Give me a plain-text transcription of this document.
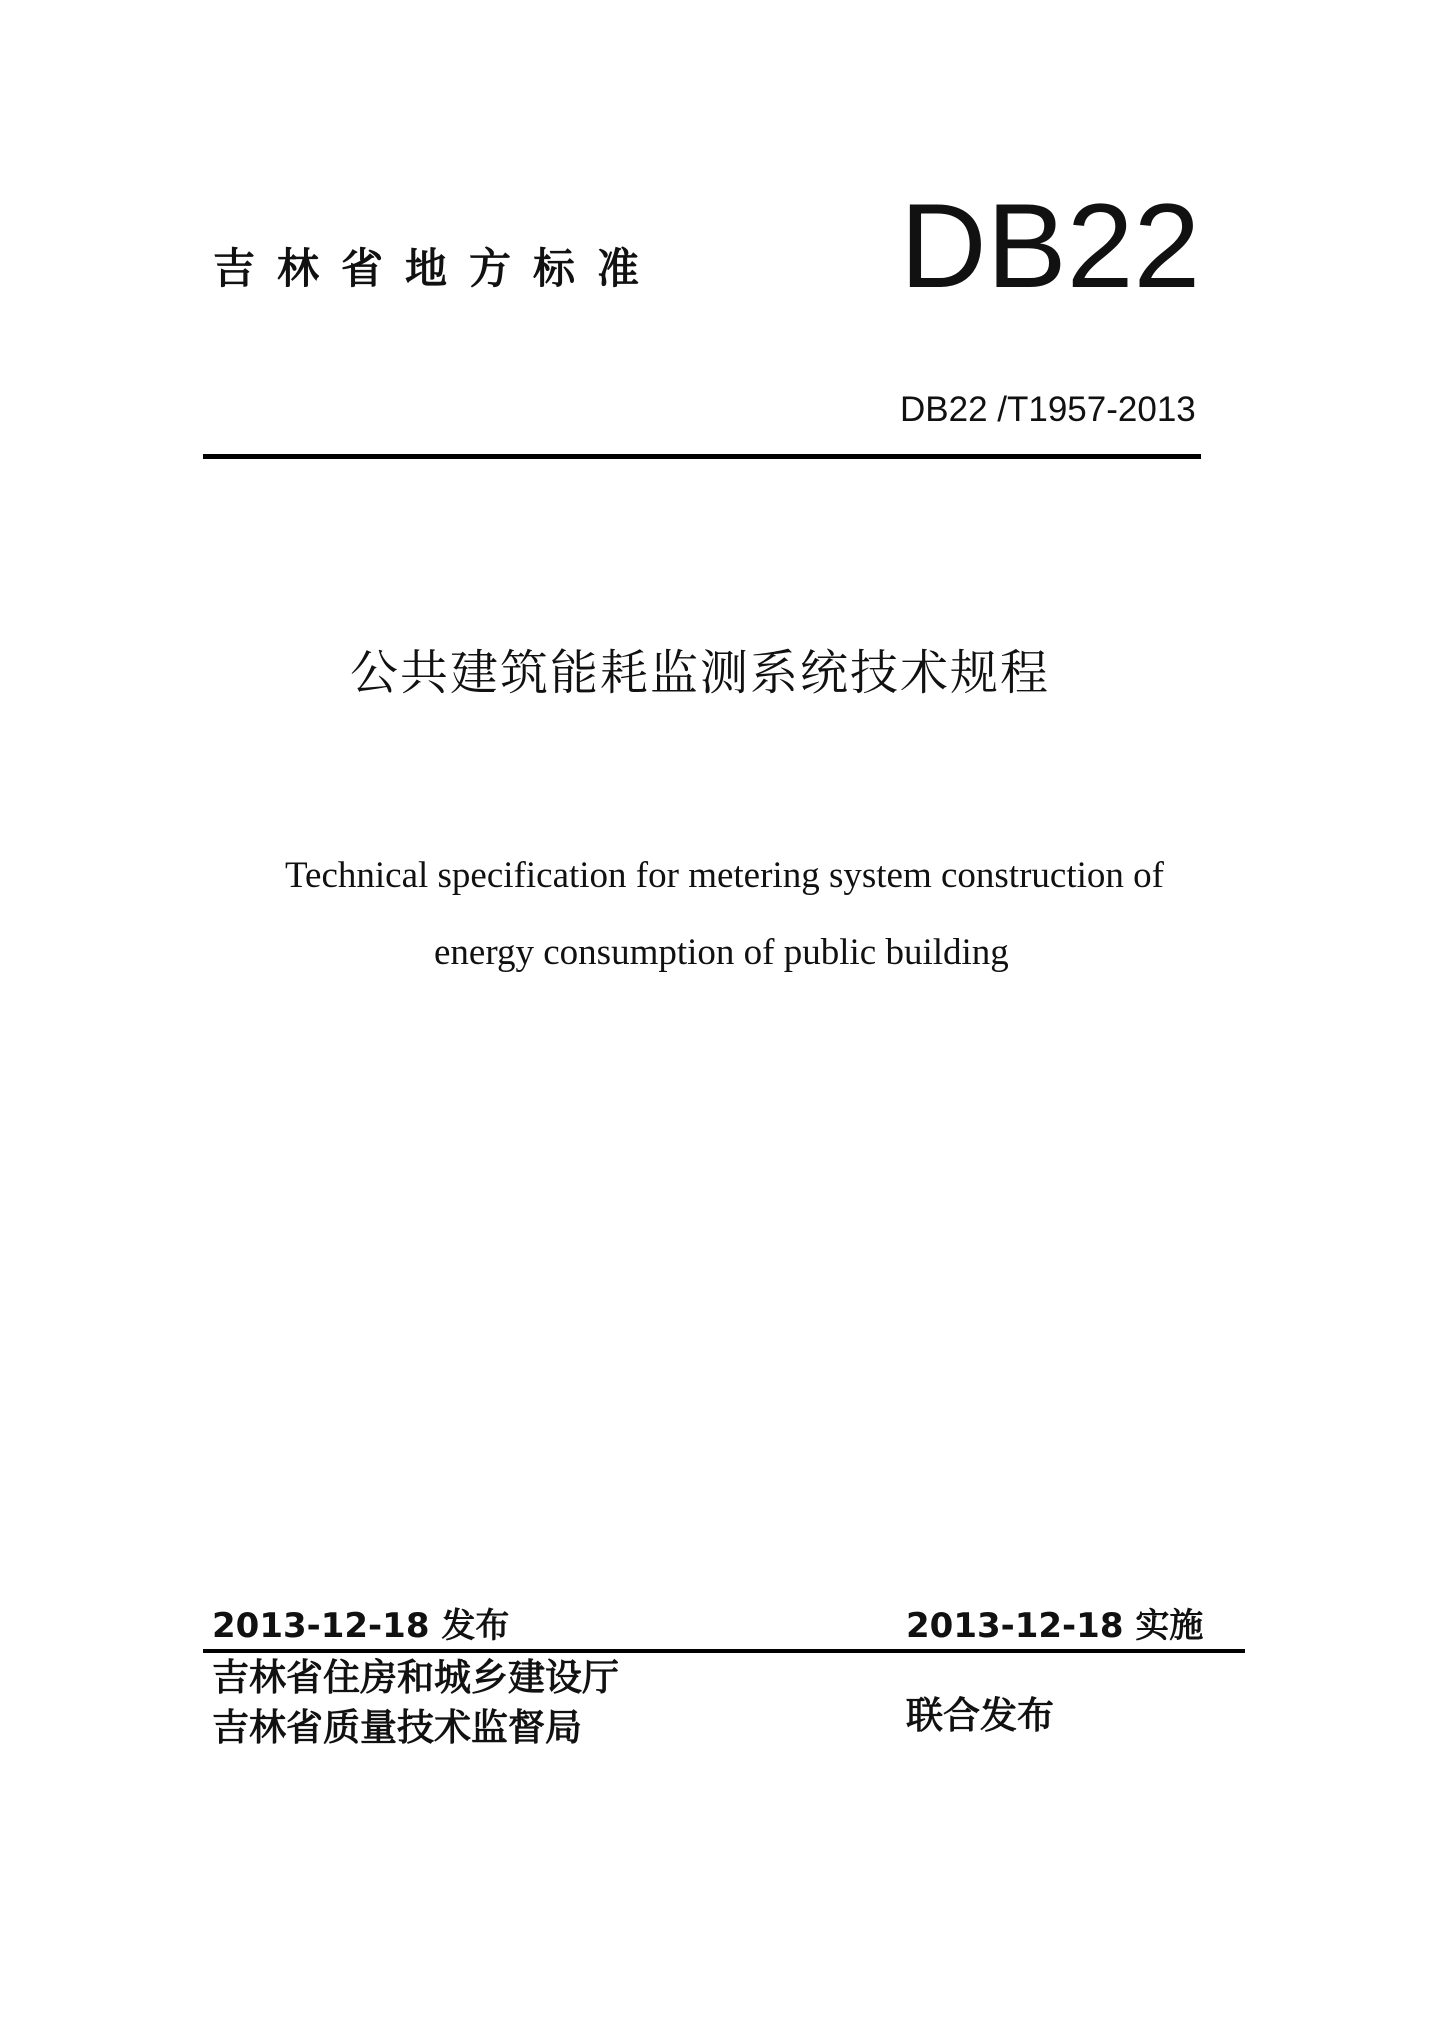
吉林省地方标准 DB22
DB22 /T1957-2013
公共建筑能耗监测系统技术规程
Technical specification for metering system construction of
energy consumption of public building
2013-12-18 发布	2013-12-18 实施
吉林省住房和城乡建设厅
吉林省质量技术监督局	联合发布
